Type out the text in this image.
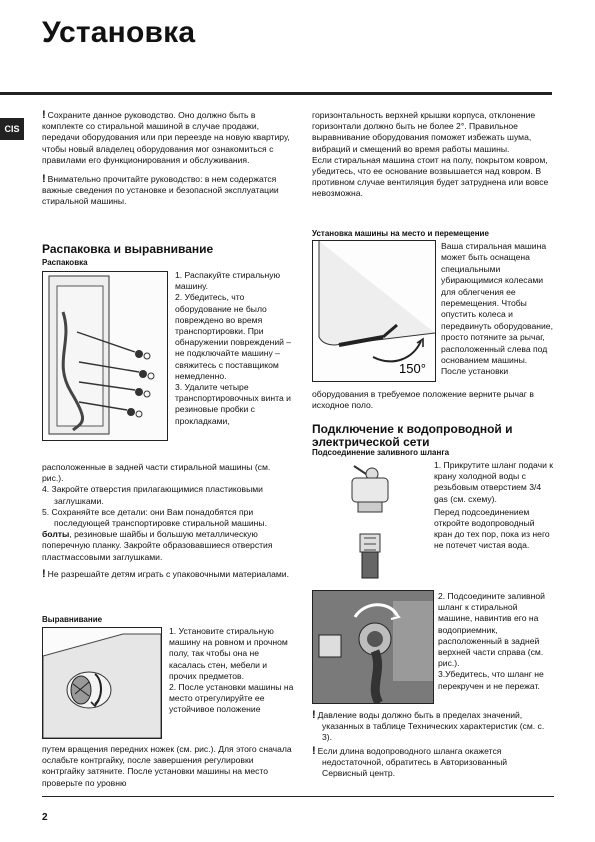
Установка
CIS

! Сохраните данное руководство. Оно должно быть в комплекте со стиральной машиной в случае продажи, передачи оборудования или при переезде на новую квартиру, чтобы новый владелец оборудования мог ознакомиться с правилами его функционирования и обслуживания.

! Внимательно прочитайте руководство: в нем содержатся важные сведения по установке и безопасной эксплуатации стиральной машины.

Распаковка и выравнивание
Распаковка
1. Распакуйте стиральную машину.
2. Убедитесь, что оборудование не было повреждено во время транспортировки. При обнаружении повреждений – не подключайте машину – свяжитесь с поставщиком немедленно.
3. Удалите четыре транспортировочных винта и резиновые пробки с прокладками,

расположенные в задней части стиральной машины (см. рис.).

4. Закройте отверстия прилагающимися пластиковыми заглушками.

5. Сохраняйте все детали: они Вам понадобятся при последующей транспортировке стиральной машины.

болты, резиновые шайбы и большую металлическую поперечную планку. Закройте образовавшиеся отверстия пластмассовыми заглушками.

! Не разрешайте детям играть с упаковочными материалами.

Выравнивание
1. Установите стиральную машину на ровном и прочном полу, так чтобы она не касалась стен, мебели и прочих предметов.
2. После установки машины на место отрегулируйте ее устойчивое положение
путем вращения передних ножек (см. рис.). Для этого сначала ослабьте контргайку, после завершения регулировки контргайку затяните. После установки машины на место проверьте по уровню
горизонтальность верхней крышки корпуса, отклонение горизонтали должно быть не более 2°. Правильное выравнивание оборудования поможет избежать шума, вибраций и смещений во время работы машины.
Если стиральная машина стоит на полу, покрытом ковром, убедитесь, что ее основание возвышается над ковром. В противном случае вентиляция будет затруднена или вовсе невозможна.
Установка машины на место и перемещение
150°
Ваша стиральная машина может быть оснащена специальными убирающимися колесами для облегчения ее перемещения. Чтобы опустить колеса и передвинуть оборудование, просто потяните за рычаг, расположенный слева под основанием машины. После установки
оборудования в требуемое положение верните рычаг в исходное поло.
Подключение к водопроводной и электрической сети
Подсоединение заливного шланга

1. Прикрутите шланг подачи к крану холодной воды с резьбовым отверстием 3/4 gas (см. схему).

Перед подсоединением откройте водопроводный кран до тех пор, пока из него не потечет чистая вода.

2. Подсоедините заливной шланг к стиральной машине, навинтив его на водоприемник, расположенный в задней верхней части справа (см. рис.).
3.Убедитесь, что шланг не перекручен и не пережат.

! Давление воды должно быть в пределах значений, указанных в таблице Технических характеристик (см. с. 3).

! Если длина водопроводного шланга окажется недостаточной, обратитесь в Авторизованный Сервисный центр.

2
